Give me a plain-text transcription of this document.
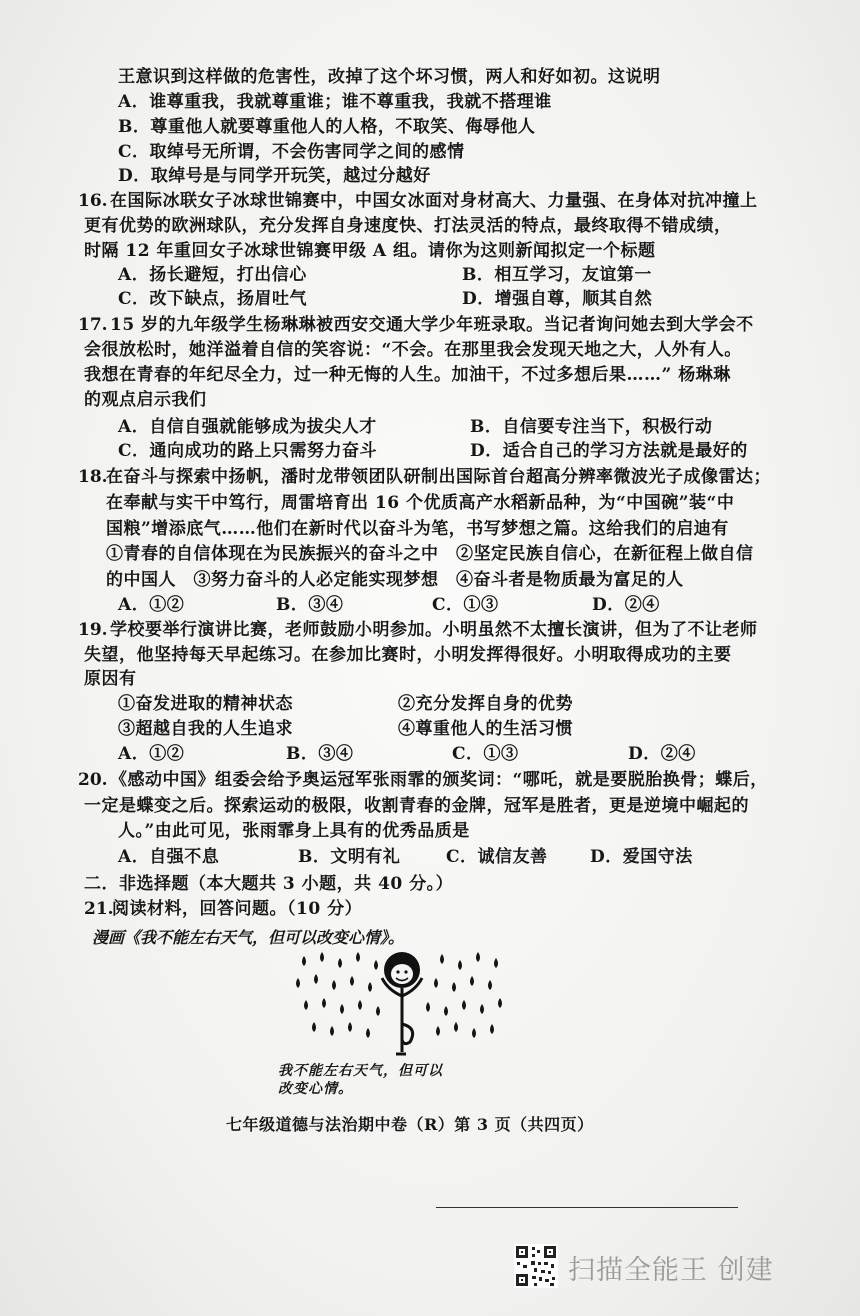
王意识到这样做的危害性，改掉了这个坏习惯，两人和好如初。这说明
A．谁尊重我，我就尊重谁；谁不尊重我，我就不搭理谁
B．尊重他人就要尊重他人的人格，不取笑、侮辱他人
C．取绰号无所谓，不会伤害同学之间的感情
D．取绰号是与同学开玩笑，越过分越好
16. 在国际冰联女子冰球世锦赛中，中国女冰面对身材高大、力量强、在身体对抗冲撞上
更有优势的欧洲球队，充分发挥自身速度快、打法灵活的特点，最终取得不错成绩，
时隔 12 年重回女子冰球世锦赛甲级 A 组。请你为这则新闻拟定一个标题
A．扬长避短，打出信心	B．相互学习，友谊第一
C．改下缺点，扬眉吐气	D．增强自尊，顺其自然
17. 15 岁的九年级学生杨琳琳被西安交通大学少年班录取。当记者询问她去到大学会不
会很放松时，她洋溢着自信的笑容说：“不会。在那里我会发现天地之大，人外有人。
我想在青春的年纪尽全力，过一种无悔的人生。加油干，不过多想后果……” 杨琳琳
的观点启示我们
A．自信自强就能够成为拔尖人才	B．自信要专注当下，积极行动
C．通向成功的路上只需努力奋斗	D．适合自己的学习方法就是最好的
18.
在奋斗与探索中扬帆，潘时龙带领团队研制出国际首台超高分辨率微波光子成像雷达；
在奉献与实干中笃行，周雷培育出 16 个优质高产水稻新品种，为“中国碗”装“中
国粮”增添底气……他们在新时代以奋斗为笔，书写梦想之篇。这给我们的启迪有
①青春的自信体现在为民族振兴的奋斗之中　②坚定民族自信心，在新征程上做自信
的中国人　③努力奋斗的人必定能实现梦想　④奋斗者是物质最为富足的人
A．①②	B．③④	C．①③	D．②④
19. 学校要举行演讲比赛，老师鼓励小明参加。小明虽然不太擅长演讲，但为了不让老师
失望，他坚持每天早起练习。在参加比赛时，小明发挥得很好。小明取得成功的主要
原因有
①奋发进取的精神状态	②充分发挥自身的优势
③超越自我的人生追求	④尊重他人的生活习惯
A．①②	B．③④	C．①③	D．②④
20. 《感动中国》组委会给予奥运冠军张雨霏的颁奖词：“哪吒，就是要脱胎换骨；蝶后，
一定是蝶变之后。探索运动的极限，收割青春的金牌，冠军是胜者，更是逆境中崛起的
人。”由此可见，张雨霏身上具有的优秀品质是
A．自强不息	B．文明有礼	C．诚信友善 D．爱国守法
二．非选择题（本大题共 3 小题，共 40 分。）
21.
阅读材料，回答问题。（10 分）
漫画《我不能左右天气，但可以改变心情》。
我不能左右天气，但可以
改变心情。
七年级道德与法治期中卷（R）第 3 页（共四页）
扫描全能王 创建
